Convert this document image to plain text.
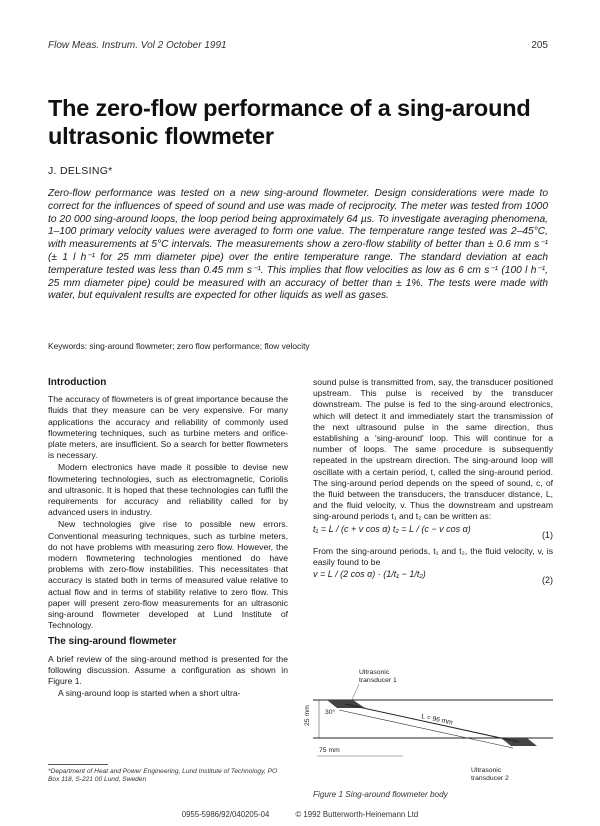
Flow Meas. Instrum. Vol 2 October 1991	205
The zero-flow performance of a sing-around ultrasonic flowmeter
J. DELSING*
Zero-flow performance was tested on a new sing-around flowmeter. Design considerations were made to correct for the influences of speed of sound and use was made of reciprocity. The meter was tested from 1000 to 20 000 sing-around loops, the loop period being approximately 64 µs. To investigate averaging phenomena, 1–100 primary velocity values were averaged to form one value. The temperature range tested was 2–45°C, with measurements at 5°C intervals. The measurements show a zero-flow stability of better than ± 0.6 mm s⁻¹ (± 1 l h⁻¹ for 25 mm diameter pipe) over the entire temperature range. The standard deviation at each temperature tested was less than 0.45 mm s⁻¹. This implies that flow velocities as low as 6 cm s⁻¹ (100 l h⁻¹, 25 mm diameter pipe) could be measured with an accuracy of better than ± 1%. The tests were made with water, but equivalent results are expected for other liquids as well as gases.
Keywords: sing-around flowmeter; zero flow performance; flow velocity
Introduction

The accuracy of flowmeters is of great importance because the fluids that they measure can be very expensive. For many applications the accuracy and reliability of commonly used flowmetering techniques, such as turbine meters and orifice-plate meters, are insufficient. So a search for better flowmeters is necessary.

Modern electronics have made it possible to devise new flowmetering technologies, such as electromagnetic, Coriolis and ultrasonic. It is hoped that these technologies can fulfil the requirements for accuracy and reliability called for by advanced users in industry.

New technologies give rise to possible new errors. Conventional measuring techniques, such as turbine meters, do not have problems with measuring zero flow. However, the modern flowmetering technologies mentioned do have problems with zero-flow instabilities. This necessitates that accuracy is stated both in terms of measured value relative to actual flow and in terms of stability relative to zero flow. This paper will present zero-flow measurements for an ultrasonic sing-around flowmeter developed at Lund Institute of Technology.

The sing-around flowmeter

A brief review of the sing-around method is presented for the following discussion. Assume a configuration as shown in Figure 1.

A sing-around loop is started when a short ultra-

sound pulse is transmitted from, say, the transducer positioned upstream. This pulse is received by the transducer downstream. The pulse is fed to the sing-around electronics, which will detect it and immediately start the transmission of the next ultrasound pulse in the same direction, thus establishing a 'sing-around' loop. This will continue for a number of loops. The same procedure is subsequently repeated in the upstream direction. The sing-around loop will oscillate with a certain period, t, called the sing-around period. The sing-around period depends on the speed of sound, c, of the fluid between the transducers, the transducer distance, L, and the fluid velocity, v. Thus the downstream and upstream sing-around periods t₁ and t₂ can be written as:

t₁ = L / (c + v cos α) t₂ = L / (c − v cos α)
(1)

From the sing-around periods, t₁ and t₂, the fluid velocity, v, is easily found to be

v = L / (2 cos α) · (1/t₁ − 1/t₂)
(2)
25 mm 30°
75 mm
L = 96 mm
Ultrasonic
transducer 1
Ultrasonic
transducer 2
Figure 1 Sing-around flowmeter body
*Department of Heat and Power Engineering, Lund Institute of Technology, PO Box 118, S-221 00 Lund, Sweden
0955-5986/92/040205-04	© 1992 Butterworth-Heinemann Ltd
